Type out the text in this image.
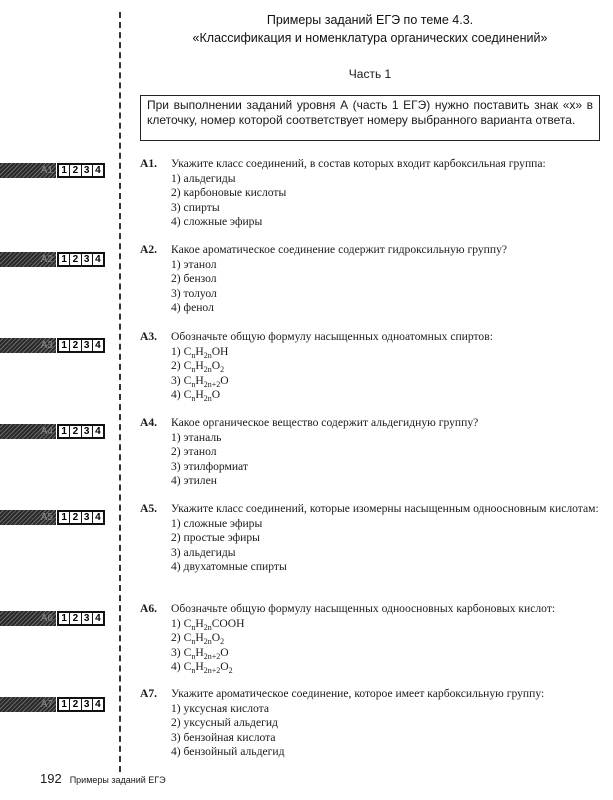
Примеры заданий ЕГЭ по теме 4.3.
«Классификация и номенклатура органических соединений»
Часть 1
При выполнении заданий уровня А (часть 1 ЕГЭ) нужно поставить знак «х» в клеточку, номер которой соответствует номеру выбранного варианта ответа.
А1 1 2 3 4
А2 1 2 3 4
А3 1 2 3 4
А4 1 2 3 4
А5 1 2 3 4
А6 1 2 3 4
А7 1 2 3 4
А1.	Укажите класс соединений, в состав которых входит карбоксильная группа:
1) альдегиды
2) карбоновые кислоты
3) спирты
4) сложные эфиры
А2.	Какое ароматическое соединение содержит гидроксильную группу?
1) этанол
2) бензол
3) толуол
4) фенол
А3.	Обозначьте общую формулу насыщенных одноатомных спиртов:
1) $C_nH_{2n}OH$
2) $C_nH_{2n}O_2$
3) $C_nH_{2n+2}O$
4) $C_nH_{2n}O$
А4.	Какое органическое вещество содержит альдегидную группу?
1) этаналь
2) этанол
3) этилформиат
4) этилен
А5.	Укажите класс соединений, которые изомерны насыщенным одноосновным кислотам:
1) сложные эфиры
2) простые эфиры
3) альдегиды
4) двухатомные спирты
А6.	Обозначьте общую формулу насыщенных одноосновных карбоновых кислот:
1) $C_nH_{2n}COOH$
2) $C_nH_{2n}O_2$
3) $C_nH_{2n+2}O$
4) $C_nH_{2n+2}O_2$
А7.	Укажите ароматическое соединение, которое имеет карбоксильную группу:
1) уксусная кислота
2) уксусный альдегид
3) бензойная кислота
4) бензойный альдегид
192 Примеры заданий ЕГЭ
